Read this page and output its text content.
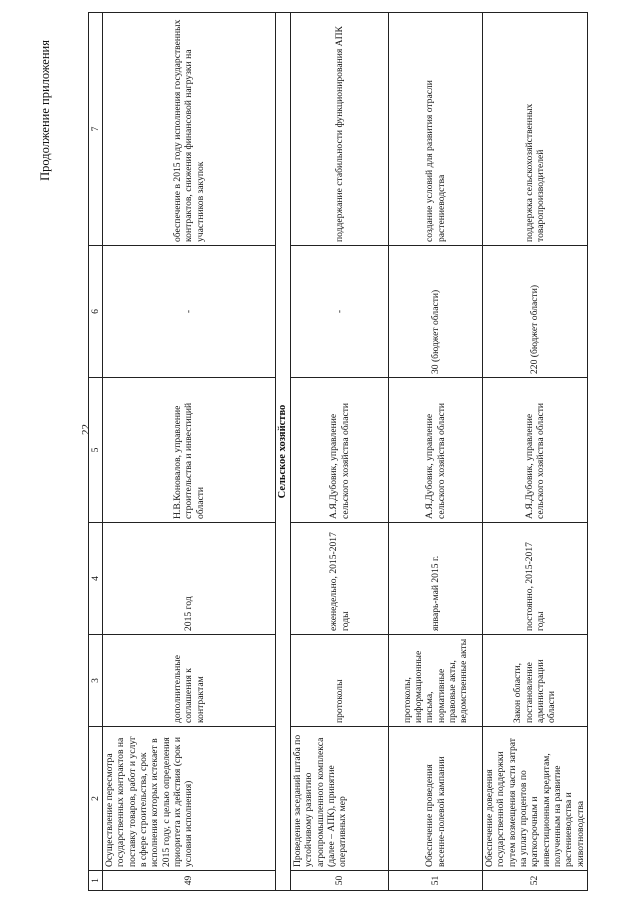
Продолжение приложения
22
1	2	3	4	5	6	7
49	Осуществление пересмотра государственных контрактов на поставку товаров, работ и услуг в сфере строительства, срок исполнения которых истекает в 2015 году, с целью определения приоритета их действия (срок и условия исполнения)	дополнительные соглашения к контрактам	2015 год	Н.В.Коновалов, управление строительства и инвестиций области	-	обеспечение в 2015 году исполнения государственных контрактов, снижения финансовой нагрузки на участников закупок
Сельское хозяйство						
50	Проведение заседаний штаба по устойчивому развитию агропромышленного комплекса (далее – АПК), принятие оперативных мер	протоколы	еженедельно, 2015-2017 годы	А.Я.Дубовик, управление сельского хозяйства области	-	поддержание стабильности функционирования АПК
51	Обеспечение проведения весенне-полевой кампании	протоколы, информационные письма, нормативные правовые акты, ведомственные акты	январь-май 2015 г.	А.Я.Дубовик, управление сельского хозяйства области	30 (бюджет области)	создание условий для развития отрасли растениеводства
52	Обеспечение доведения государственной поддержки путем возмещения части затрат на уплату процентов по краткосрочным и инвестиционным кредитам, полученным на развитие растениеводства и животноводства	Закон области, постановление администрации области	постоянно, 2015-2017 годы	А.Я.Дубовик, управление сельского хозяйства области	220 (бюджет области)	поддержка сельскохозяйственных товаропроизводителей
